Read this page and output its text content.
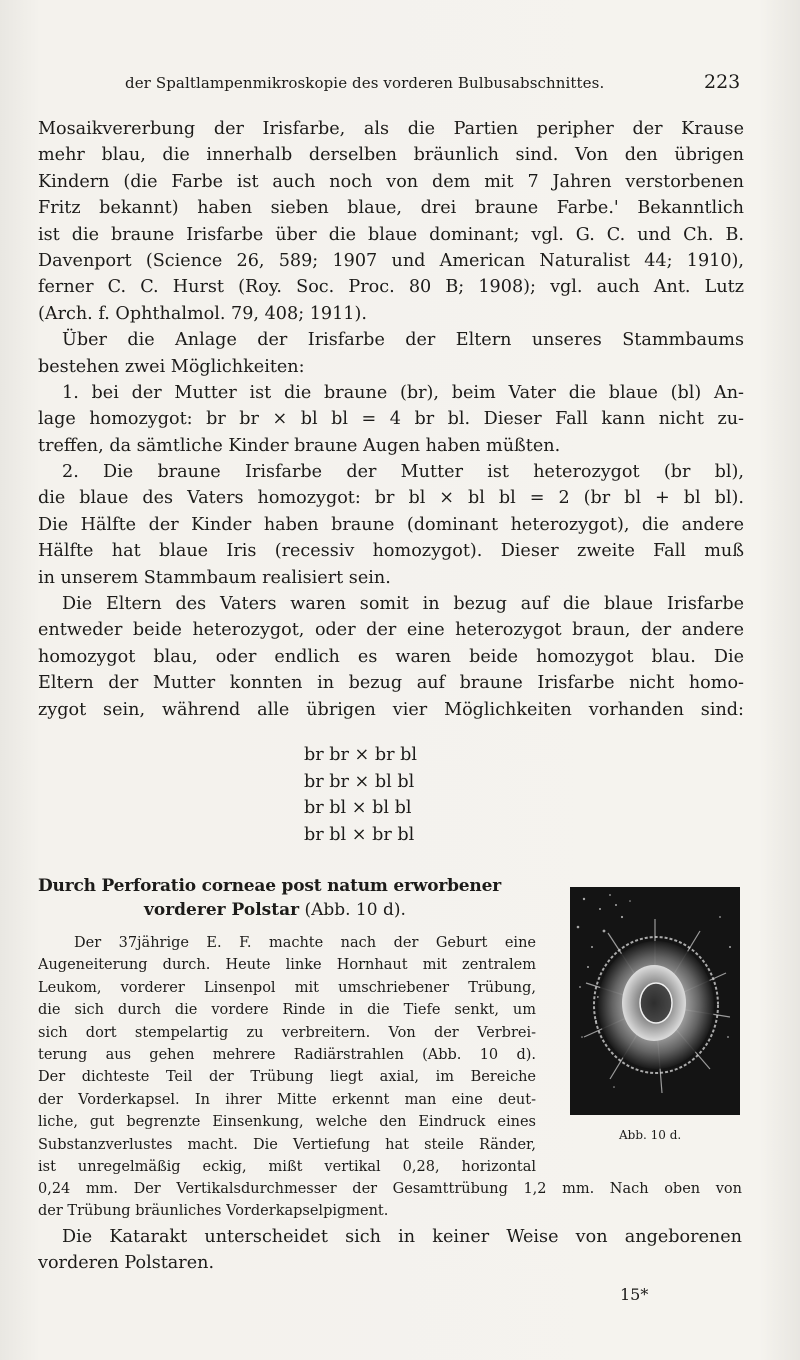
der Spaltlampenmikroskopie des vorderen Bulbusabschnittes.	223
Mosaikvererbung der Irisfarbe, als die Partien peripher der Krause
mehr blau, die innerhalb derselben bräunlich sind. Von den übrigen
Kindern (die Farbe ist auch noch von dem mit 7 Jahren verstorbenen
Fritz bekannt) haben sieben blaue, drei braune Farbe.' Bekanntlich
ist die braune Irisfarbe über die blaue dominant; vgl. G. C. und Ch. B.
Davenport (Science 26, 589; 1907 und American Naturalist 44; 1910),
ferner C. C. Hurst (Roy. Soc. Proc. 80 B; 1908); vgl. auch Ant. Lutz
(Arch. f. Ophthalmol. 79, 408; 1911).
Über die Anlage der Irisfarbe der Eltern unseres Stammbaums
bestehen zwei Möglichkeiten:
1. bei der Mutter ist die braune (br), beim Vater die blaue (bl) An-
lage homozygot: br br × bl bl = 4 br bl. Dieser Fall kann nicht zu-
treffen, da sämtliche Kinder braune Augen haben müßten.
2. Die braune Irisfarbe der Mutter ist heterozygot (br bl),
die blaue des Vaters homozygot: br bl × bl bl = 2 (br bl + bl bl).
Die Hälfte der Kinder haben braune (dominant heterozygot), die andere
Hälfte hat blaue Iris (recessiv homozygot). Dieser zweite Fall muß
in unserem Stammbaum realisiert sein.
Die Eltern des Vaters waren somit in bezug auf die blaue Irisfarbe
entweder beide heterozygot, oder der eine heterozygot braun, der andere
homozygot blau, oder endlich es waren beide homozygot blau. Die
Eltern der Mutter konnten in bezug auf braune Irisfarbe nicht homo-
zygot sein, während alle übrigen vier Möglichkeiten vorhanden sind:
br br × br bl
br br × bl bl
br bl × bl bl
br bl × br bl
Durch Perforatio corneae post natum erworbener
vorderer Polstar (Abb. 10 d).
Der 37jährige E. F. machte nach der Geburt eine
Augeneiterung durch. Heute linke Hornhaut mit zentralem
Leukom, vorderer Linsenpol mit umschriebener Trübung,
die sich durch die vordere Rinde in die Tiefe senkt, um
sich dort stempelartig zu verbreitern. Von der Verbrei-
terung aus gehen mehrere Radiärstrahlen (Abb. 10 d).
Der dichteste Teil der Trübung liegt axial, im Bereiche
der Vorderkapsel. In ihrer Mitte erkennt man eine deut-
liche, gut begrenzte Einsenkung, welche den Eindruck eines
Substanzverlustes macht. Die Vertiefung hat steile Ränder,
ist unregelmäßig eckig, mißt vertikal 0,28, horizontal
0,24 mm. Der Vertikalsdurchmesser der Gesamttrübung 1,2 mm. Nach oben von
der Trübung bräunliches Vorderkapselpigment.
Die Katarakt unterscheidet sich in keiner Weise von angeborenen
vorderen Polstaren.
Abb. 10 d.
15*
